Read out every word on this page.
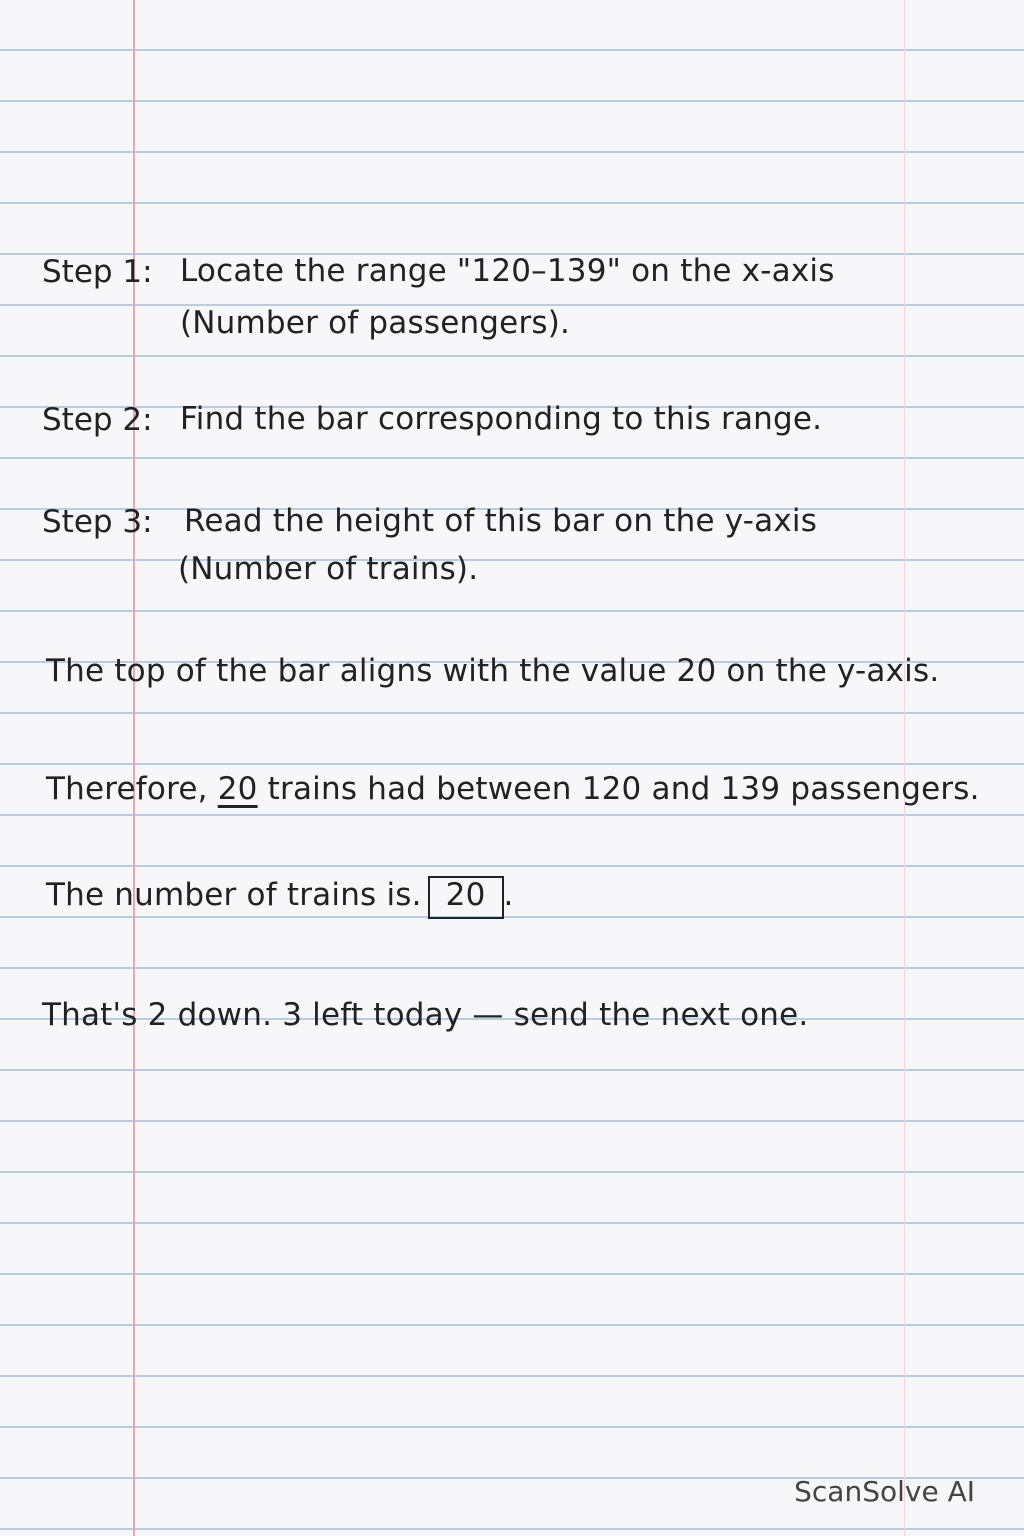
Step 1: Locate the range "120–139" on the x-axis
(Number of passengers).
Step 2: Find the bar corresponding to this range.
Step 3: Read the height of this bar on the y-axis
(Number of trains).
The top of the bar aligns with the value 20 on the y-axis.
Therefore, 20 trains had between 120 and 139 passengers.
The number of trains is. 20 .
That's 2 down. 3 left today — send the next one.
ScanSolve AI
